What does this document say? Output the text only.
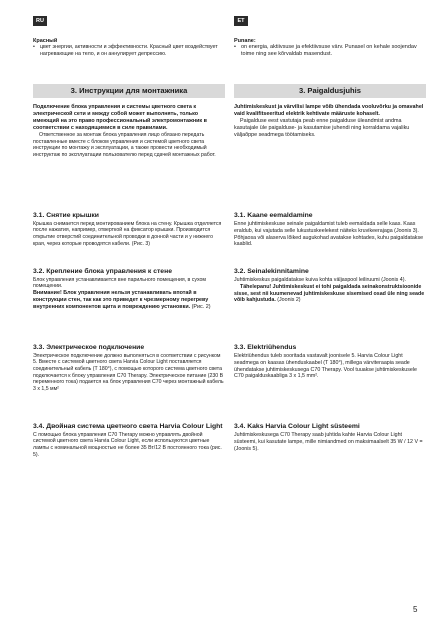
RU	ET
Красный
• цвет энергии, активности и эффективности. Красный цвет воздействует нагревающие на тело, и он аннулирует депрессию.
3. Инструкции для монтажника
Подключение блока управления и системы цветного света к электрической сети и между собой может выполнять, только имеющий на это право профессиональный электромонтажник в соответствии с находящимися в силе правилами.
Ответственное за монтаж блока управления лицо обязано передать поставленные вместе с блоком управления и системой цветного света инструкции по монтажу и эксплуатации, а также провести необходимый инструктаж по эксплуатации пользователю перед сдачей монтажных работ.
3.1. Снятие крышки
Крышка снимается перед монтированием блока на стену. Крышка отделяется после нажатия, например, отверткой на фиксатор крышки. Производится открытие отверстий соединительной проводки в донной части и у нижнего края, через которые проводятся кабели. (Рис. 3)
3.2. Крепление блока управления к стене
Блок управления устанавливается вне парильного помещения, в сухом помещении.
Внимание! Блок управления нельзя устанавливать впотай в конструкции стен, так как это приведет к чрезмерному перегреву внутренних компонентов щита и повреждению установки. (Рис. 2)
3.3. Электрическое подключение
Электрическое подключение должно выполняться в соответствии с рисунком 5. Вместе с системой цветного света Harvia Colour Light поставляется соединительный кабель (T 180°), с помощью которого система цветного света подключается к блоку управления C70 Therapy. Электрическое питание (230 В переменного тока) подается на блок управления C70 через монтажный кабель 3 x 1,5 мм²
3.4. Двойная система цветного света Harvia Colour Light
С помощью блока управления C70 Therapy можно управлять двойной системой цветного света Harvia Colour Light, если используются цветные лампы с номинальной мощностью не более 35 Вт/12 В постоянного тока (рис. 5).
Punane:
• on energia, aktiivsuse ja efektiivsuse värv. Punasel on kehale soojendav toime ning see kõrvaldab masendust.
3. Paigaldusjuhis
Juhtimiskeskust ja värvilisi lampe võib ühendada vooluvõrku ja omavahel vaid kvalifitseeritud elektrik kehtivate määruste kohaselt.
Paigalduse eest vastutaja peab enne paigalduse üleandmist andma kasutajale üle paigalduse- ja kasutamise juhendi ning korraldama vajaliku väljaõppe seadmega töötamiseks.
3.1. Kaane eemaldamine
Enne juhtimiskeskuse seinale paigaldamist tuleb eemaldada selle kaas. Kaas eraldub, kui vajutada selle lukustuskeelekest näiteks kruvikeerajaga (Joonis 3). Põhjaosa või alaserva lõiked augukohad avatakse kohtades, kuhu paigaldatakse kaablid.
3.2. Seinalekinnitamine
Juhtimiskeskus paigaldatakse kuiva kohta väljaspool leiliruumi (Joonis 4).
Tähelepanu! Juhtimiskeskust ei tohi paigaldada seinakonstruktsioonide sisse, sest nii kuumenevad juhtimiskeskuse sisemised osad üle ning seade võib kahjustuda. (Joonis 2)
3.3. Elektriühendus
Elektriühendus tuleb sooritada vastavalt joonisele 5. Harvia Colour Light seadmega on kaasas ühenduskaabel (T 180°), millega värviteraapia seade ühendatakse juhtimiskeskusega C70 Therapy. Vool tuuakse juhtimiskeskusele C70 paigalduskaabliga 3 x 1,5 mm².
3.4. Kaks Harvia Colour Light süsteemi
Juhtimiskeskusega C70 Therapy saab juhtida kahte Harvia Colour Light süsteemi, kui kasutate lampe, mille nimiandmed on maksimaalselt 35 W / 12 V = (Joonis 5).
5
